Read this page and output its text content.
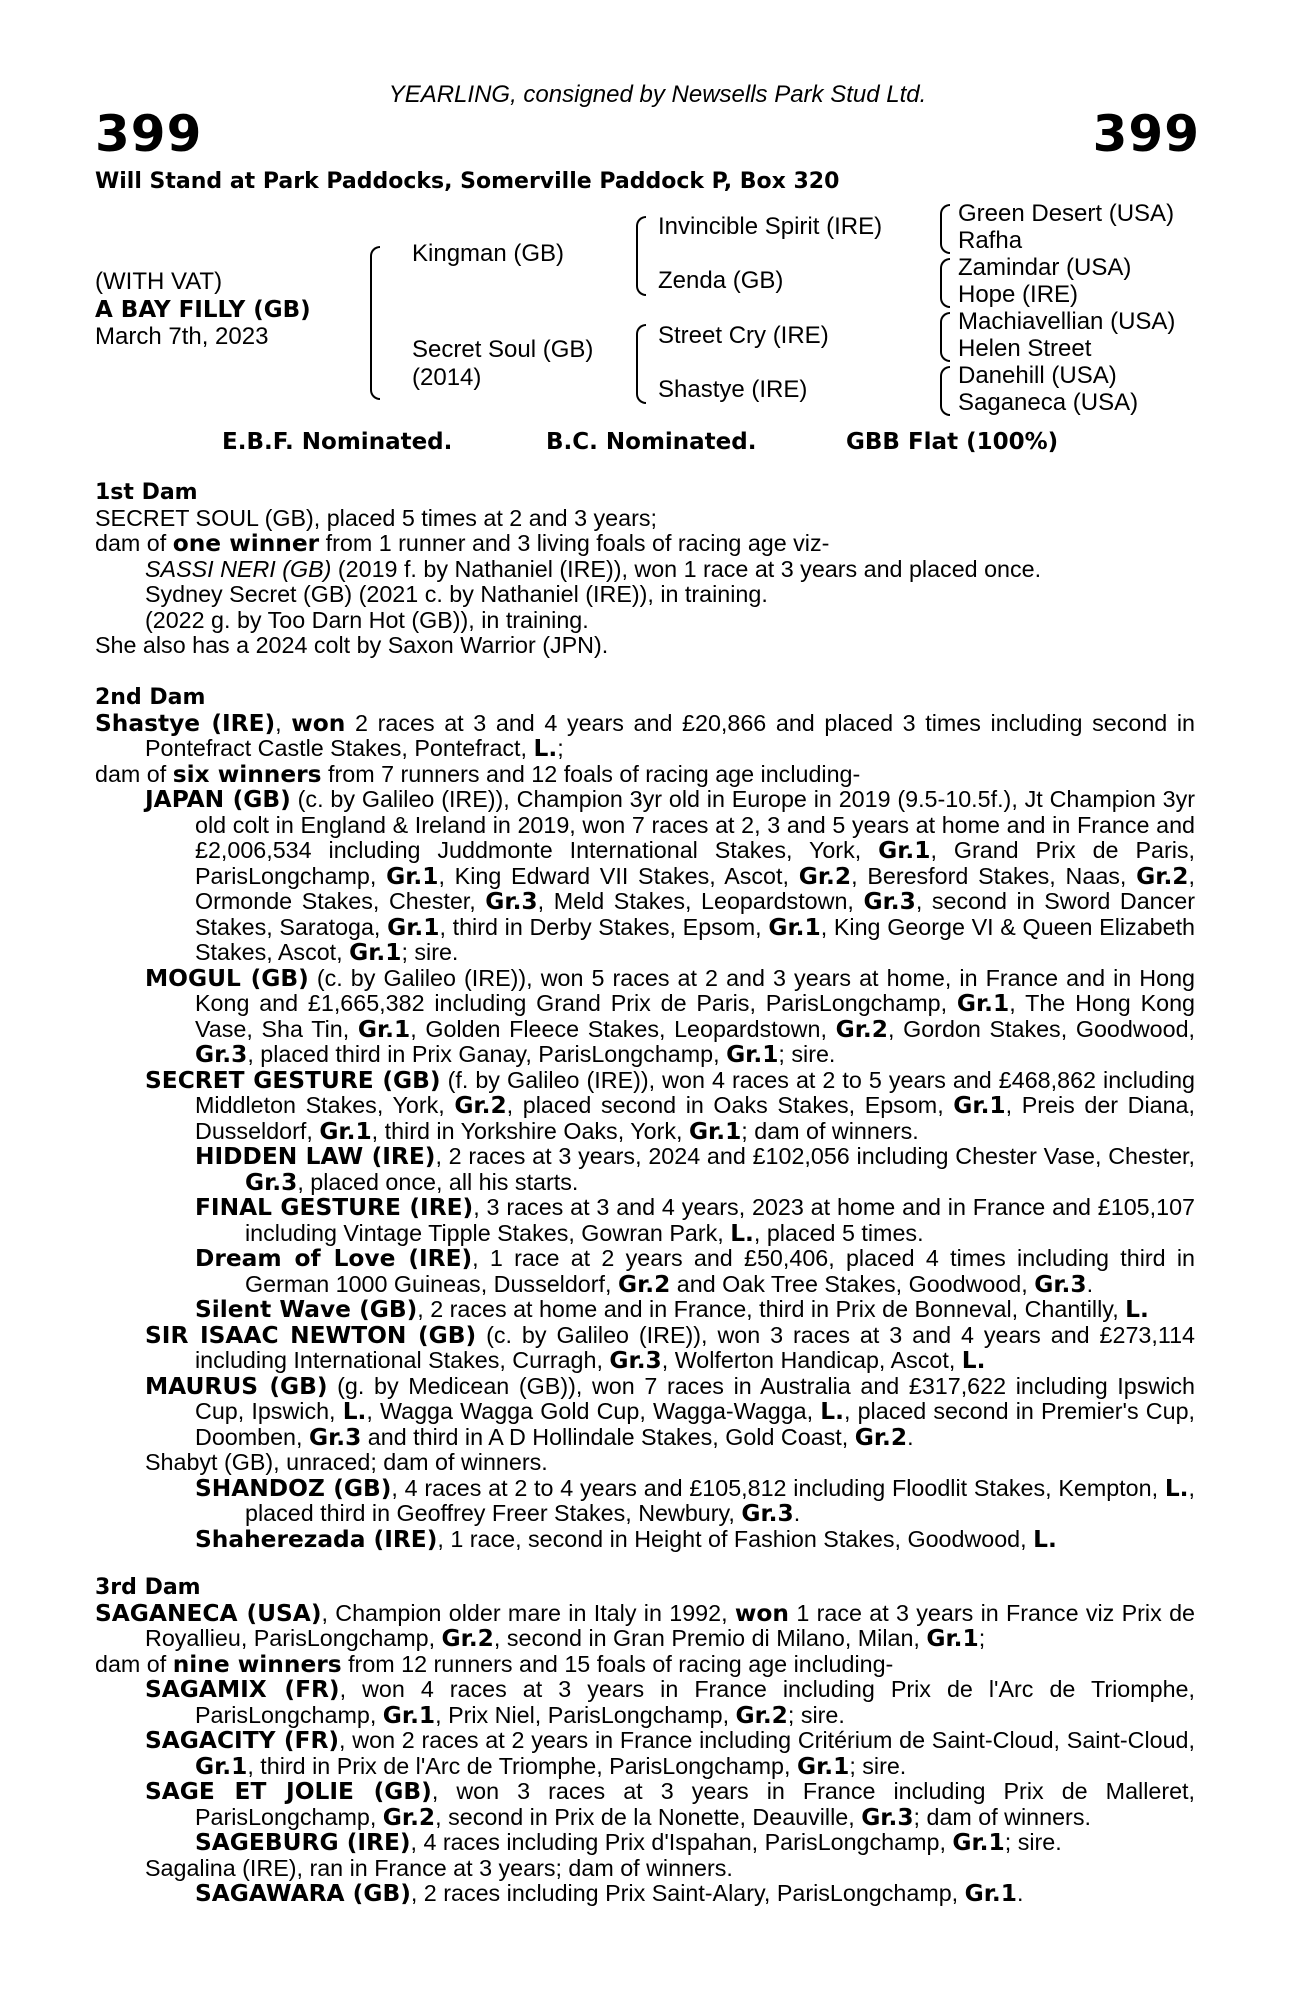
399	399
YEARLING, consigned by Newsells Park Stud Ltd.
Will Stand at Park Paddocks, Somerville Paddock P, Box 320
(WITH VAT)
A BAY FILLY (GB)
March 7th, 2023
Kingman (GB)
Secret Soul (GB)
(2014)
Invincible Spirit (IRE)
Zenda (GB)
Street Cry (IRE)
Shastye (IRE)
Green Desert (USA)
Rafha
Zamindar (USA)
Hope (IRE)
Machiavellian (USA)
Helen Street
Danehill (USA)
Saganeca (USA)
E.B.F. Nominated.	B.C. Nominated.	GBB Flat (100%)
1st Dam

SECRET SOUL (GB), placed 5 times at 2 and 3 years;

dam of one winner from 1 runner and 3 living foals of racing age viz-

SASSI NERI (GB) (2019 f. by Nathaniel (IRE)), won 1 race at 3 years and placed once.

Sydney Secret (GB) (2021 c. by Nathaniel (IRE)), in training.

(2022 g. by Too Darn Hot (GB)), in training.

She also has a 2024 colt by Saxon Warrior (JPN).

2nd Dam

Shastye (IRE), won 2 races at 3 and 4 years and £20,866 and placed 3 times including second in Pontefract Castle Stakes, Pontefract, L.;

dam of six winners from 7 runners and 12 foals of racing age including-

JAPAN (GB) (c. by Galileo (IRE)), Champion 3yr old in Europe in 2019 (9.5-10.5f.), Jt Champion 3yr old colt in England & Ireland in 2019, won 7 races at 2, 3 and 5 years at home and in France and £2,006,534 including Juddmonte International Stakes, York, Gr.1, Grand Prix de Paris, ParisLongchamp, Gr.1, King Edward VII Stakes, Ascot, Gr.2, Beresford Stakes, Naas, Gr.2, Ormonde Stakes, Chester, Gr.3, Meld Stakes, Leopardstown, Gr.3, second in Sword Dancer Stakes, Saratoga, Gr.1, third in Derby Stakes, Epsom, Gr.1, King George VI & Queen Elizabeth Stakes, Ascot, Gr.1; sire.

MOGUL (GB) (c. by Galileo (IRE)), won 5 races at 2 and 3 years at home, in France and in Hong Kong and £1,665,382 including Grand Prix de Paris, ParisLongchamp, Gr.1, The Hong Kong Vase, Sha Tin, Gr.1, Golden Fleece Stakes, Leopardstown, Gr.2, Gordon Stakes, Goodwood, Gr.3, placed third in Prix Ganay, ParisLongchamp, Gr.1; sire.

SECRET GESTURE (GB) (f. by Galileo (IRE)), won 4 races at 2 to 5 years and £468,862 including Middleton Stakes, York, Gr.2, placed second in Oaks Stakes, Epsom, Gr.1, Preis der Diana, Dusseldorf, Gr.1, third in Yorkshire Oaks, York, Gr.1; dam of winners.

HIDDEN LAW (IRE), 2 races at 3 years, 2024 and £102,056 including Chester Vase, Chester, Gr.3, placed once, all his starts.

FINAL GESTURE (IRE), 3 races at 3 and 4 years, 2023 at home and in France and £105,107 including Vintage Tipple Stakes, Gowran Park, L., placed 5 times.

Dream of Love (IRE), 1 race at 2 years and £50,406, placed 4 times including third in German 1000 Guineas, Dusseldorf, Gr.2 and Oak Tree Stakes, Goodwood, Gr.3.

Silent Wave (GB), 2 races at home and in France, third in Prix de Bonneval, Chantilly, L.

SIR ISAAC NEWTON (GB) (c. by Galileo (IRE)), won 3 races at 3 and 4 years and £273,114 including International Stakes, Curragh, Gr.3, Wolferton Handicap, Ascot, L.

MAURUS (GB) (g. by Medicean (GB)), won 7 races in Australia and £317,622 including Ipswich Cup, Ipswich, L., Wagga Wagga Gold Cup, Wagga-Wagga, L., placed second in Premier's Cup, Doomben, Gr.3 and third in A D Hollindale Stakes, Gold Coast, Gr.2.

Shabyt (GB), unraced; dam of winners.

SHANDOZ (GB), 4 races at 2 to 4 years and £105,812 including Floodlit Stakes, Kempton, L., placed third in Geoffrey Freer Stakes, Newbury, Gr.3.

Shaherezada (IRE), 1 race, second in Height of Fashion Stakes, Goodwood, L.

3rd Dam

SAGANECA (USA), Champion older mare in Italy in 1992, won 1 race at 3 years in France viz Prix de Royallieu, ParisLongchamp, Gr.2, second in Gran Premio di Milano, Milan, Gr.1;

dam of nine winners from 12 runners and 15 foals of racing age including-

SAGAMIX (FR), won 4 races at 3 years in France including Prix de l'Arc de Triomphe, ParisLongchamp, Gr.1, Prix Niel, ParisLongchamp, Gr.2; sire.

SAGACITY (FR), won 2 races at 2 years in France including Critérium de Saint-Cloud, Saint-Cloud, Gr.1, third in Prix de l'Arc de Triomphe, ParisLongchamp, Gr.1; sire.

SAGE ET JOLIE (GB), won 3 races at 3 years in France including Prix de Malleret, ParisLongchamp, Gr.2, second in Prix de la Nonette, Deauville, Gr.3; dam of winners.

SAGEBURG (IRE), 4 races including Prix d'Ispahan, ParisLongchamp, Gr.1; sire.

Sagalina (IRE), ran in France at 3 years; dam of winners.

SAGAWARA (GB), 2 races including Prix Saint-Alary, ParisLongchamp, Gr.1.
